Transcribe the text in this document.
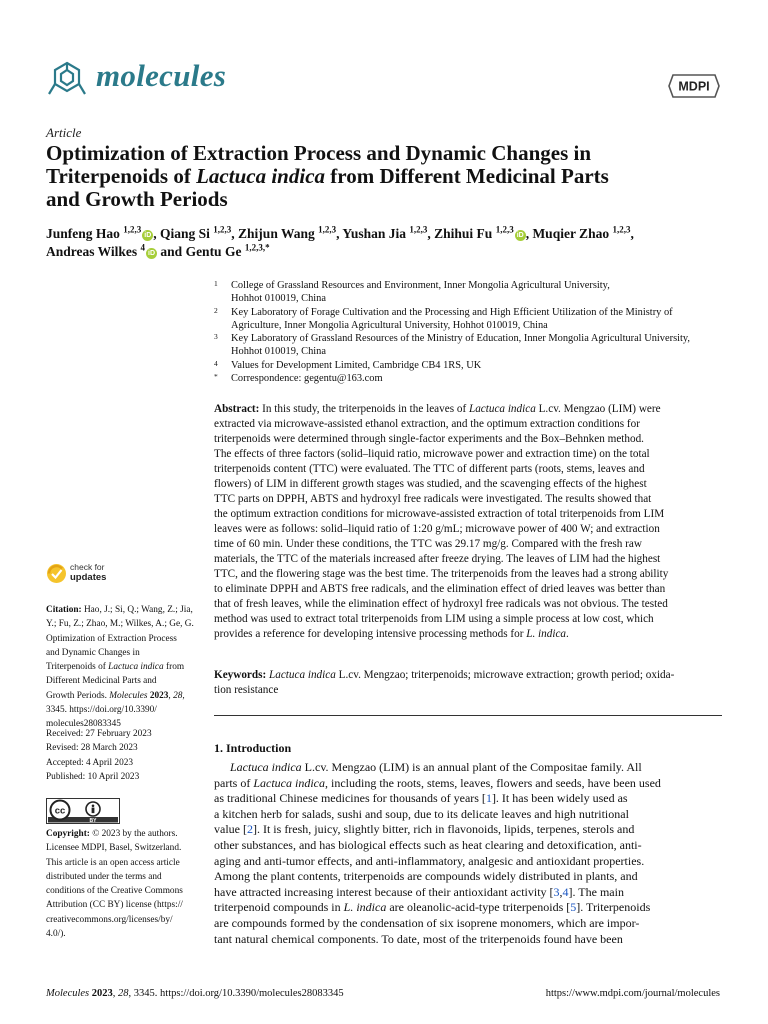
molecules	MDPI
Article
Optimization of Extraction Process and Dynamic Changes in
Triterpenoids of Lactuca indica from Different Medicinal Parts
and Growth Periods
Junfeng Hao $^{1,2,3}$iD , Qiang Si $^{1,2,3}$, Zhijun Wang $^{1,2,3}$, Yushan Jia $^{1,2,3}$, Zhihui Fu $^{1,2,3}$iD , Muqier Zhao $^{1,2,3}$,
Andreas Wilkes $^4$iD and Gentu Ge $^{1,2,3,*}$
1 College of Grassland Resources and Environment, Inner Mongolia Agricultural University,
Hohhot 010019, China
2 Key Laboratory of Forage Cultivation and the Processing and High Efficient Utilization of the Ministry of
Agriculture, Inner Mongolia Agricultural University, Hohhot 010019, China
3 Key Laboratory of Grassland Resources of the Ministry of Education, Inner Mongolia Agricultural University,
Hohhot 010019, China
4 Values for Development Limited, Cambridge CB4 1RS, UK
* Correspondence: gegentu@163.com
Abstract: In this study, the triterpenoids in the leaves of Lactuca indica L.cv. Mengzao (LIM) were
extracted via microwave-assisted ethanol extraction, and the optimum extraction conditions for
triterpenoids were determined through single-factor experiments and the Box–Behnken method.
The effects of three factors (solid–liquid ratio, microwave power and extraction time) on the total
triterpenoids content (TTC) were evaluated. The TTC of different parts (roots, stems, leaves and
flowers) of LIM in different growth stages was studied, and the scavenging effects of the highest
TTC parts on DPPH, ABTS and hydroxyl free radicals were investigated. The results showed that
the optimum extraction conditions for microwave-assisted extraction of total triterpenoids from LIM
leaves were as follows: solid–liquid ratio of 1:20 g/mL; microwave power of 400 W; and extraction
time of 60 min. Under these conditions, the TTC was 29.17 mg/g. Compared with the fresh raw
materials, the TTC of the materials increased after freeze drying. The leaves of LIM had the highest
TTC, and the flowering stage was the best time. The triterpenoids from the leaves had a strong ability
to eliminate DPPH and ABTS free radicals, and the elimination effect of dried leaves was better than
that of fresh leaves, while the elimination effect of hydroxyl free radicals was not obvious. The tested
method was used to extract total triterpenoids from LIM using a simple process at low cost, which
provides a reference for developing intensive processing methods for L. indica.
Keywords: Lactuca indica L.cv. Mengzao; triterpenoids; microwave extraction; growth period; oxida-
tion resistance
1. Introduction
Lactuca indica L.cv. Mengzao (LIM) is an annual plant of the Compositae family. All
parts of Lactuca indica, including the roots, stems, leaves, flowers and seeds, have been used
as traditional Chinese medicines for thousands of years [1]. It has been widely used as
a kitchen herb for salads, sushi and soup, due to its delicate leaves and high nutritional
value [2]. It is fresh, juicy, slightly bitter, rich in flavonoids, lipids, terpenes, sterols and
other substances, and has biological effects such as heat clearing and detoxification, anti-
aging and anti-tumor effects, and anti-inflammatory, analgesic and antioxidant properties.
Among the plant contents, triterpenoids are compounds widely distributed in plants, and
have attracted increasing interest because of their antioxidant activity [3,4]. The main
triterpenoid compounds in L. indica are oleanolic-acid-type triterpenoids [5]. Triterpenoids
are compounds formed by the condensation of six isoprene monomers, which are impor-
tant natural chemical components. To date, most of the triterpenoids found have been
check for
updates
Citation: Hao, J.; Si, Q.; Wang, Z.; Jia,
Y.; Fu, Z.; Zhao, M.; Wilkes, A.; Ge, G.
Optimization of Extraction Process
and Dynamic Changes in
Triterpenoids of Lactuca indica from
Different Medicinal Parts and
Growth Periods. Molecules 2023, 28,
3345. https://doi.org/10.3390/
molecules28083345
Received: 27 February 2023
Revised: 28 March 2023
Accepted: 4 April 2023
Published: 10 April 2023
cc
BY
Copyright: © 2023 by the authors.
Licensee MDPI, Basel, Switzerland.
This article is an open access article
distributed under the terms and
conditions of the Creative Commons
Attribution (CC BY) license (https://
creativecommons.org/licenses/by/
4.0/).
Molecules 2023, 28, 3345. https://doi.org/10.3390/molecules28083345	https://www.mdpi.com/journal/molecules
